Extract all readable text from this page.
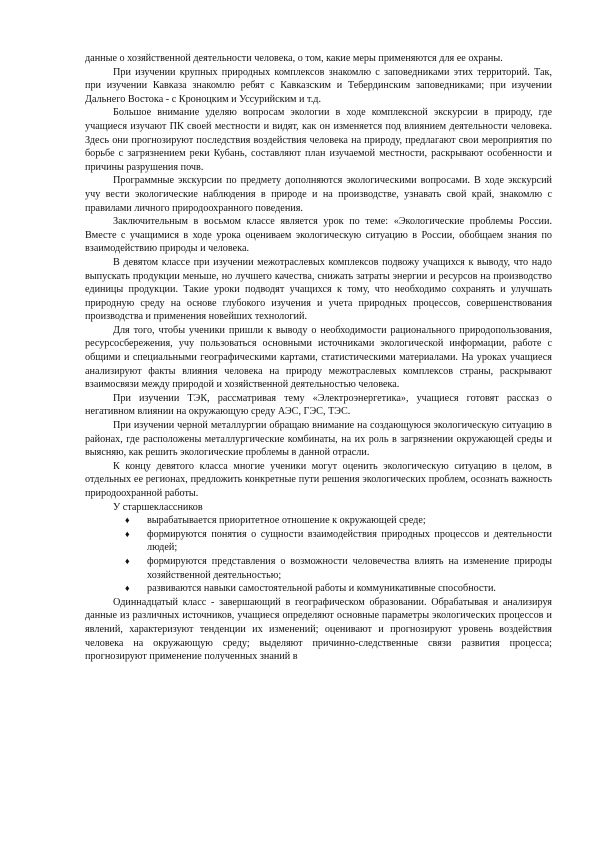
данные о хозяйственной деятельности человека, о том, какие меры применяются для ее охраны.

При изучении крупных природных комплексов знакомлю с заповедниками этих территорий. Так, при изучении Кавказа знакомлю ребят с Кавказским и Тебердинским заповедниками; при изучении Дальнего Востока - с Кроноцким и Уссурийским и т.д.

Большое внимание уделяю вопросам экологии в ходе комплексной экскурсии в природу, где учащиеся изучают ПК своей местности и видят, как он изменяется под влиянием деятельности человека. Здесь они прогнозируют последствия воздействия человека на природу, предлагают свои мероприятия по борьбе с загрязнением реки Кубань, составляют план изучаемой местности, раскрывают особенности и причины разрушения почв.

Программные экскурсии по предмету дополняются экологическими вопросами. В ходе экскурсий учу вести экологические наблюдения в природе и на производстве, узнавать свой край, знакомлю с правилами личного природоохранного поведения.

Заключительным в восьмом классе является урок по теме: «Экологические проблемы России. Вместе с учащимися в ходе урока оцениваем экологическую ситуацию в России, обобщаем знания по взаимодействию природы и человека.

В девятом классе при изучении межотраслевых комплексов подвожу учащихся к выводу, что надо выпускать продукции меньше, но лучшего качества, снижать затраты энергии и ресурсов на производство единицы продукции. Такие уроки подводят учащихся к тому, что необходимо сохранять и улучшать природную среду на основе глубокого изучения и учета природных процессов, совершенствования производства и применения новейших технологий.

Для того, чтобы ученики пришли к выводу о необходимости рационального природопользования, ресурсосбережения, учу пользоваться основными источниками экологической информации, работе с общими и специальными географическими картами, статистическими материалами. На уроках учащиеся анализируют факты влияния человека на природу межотраслевых комплексов страны, раскрывают взаимосвязи между природой и хозяйственной деятельностью человека.

При изучении ТЭК, рассматривая тему «Электроэнергетика», учащиеся готовят рассказ о негативном влиянии на окружающую среду АЭС, ГЭС, ТЭС.

При изучении черной металлургии обращаю внимание на создающуюся экологическую ситуацию в районах, где расположены металлургические комбинаты, на их роль в загрязнении окружающей среды и выясняю, как решить экологические проблемы в данной отрасли.

К концу девятого класса многие ученики могут оценить экологическую ситуацию в целом, в отдельных ее регионах, предложить конкретные пути решения экологических проблем, осознать важность природоохранной работы.

У старшеклассников

♦ вырабатывается приоритетное отношение к окружающей среде;
♦ формируются понятия о сущности взаимодействия природных процессов и деятельности людей;
♦ формируются представления о возможности человечества влиять на изменение природы хозяйственной деятельностью;
♦ развиваются навыки самостоятельной работы и коммуникативные способности.

Одиннадцатый класс - завершающий в географическом образовании. Обрабатывая и анализируя данные из различных источников, учащиеся определяют основные параметры экологических процессов и явлений, характеризуют тенденции их изменений; оценивают и прогнозируют уровень воздействия человека на окружающую среду; выделяют причинно-следственные связи развития процесса; прогнозируют применение полученных знаний в
